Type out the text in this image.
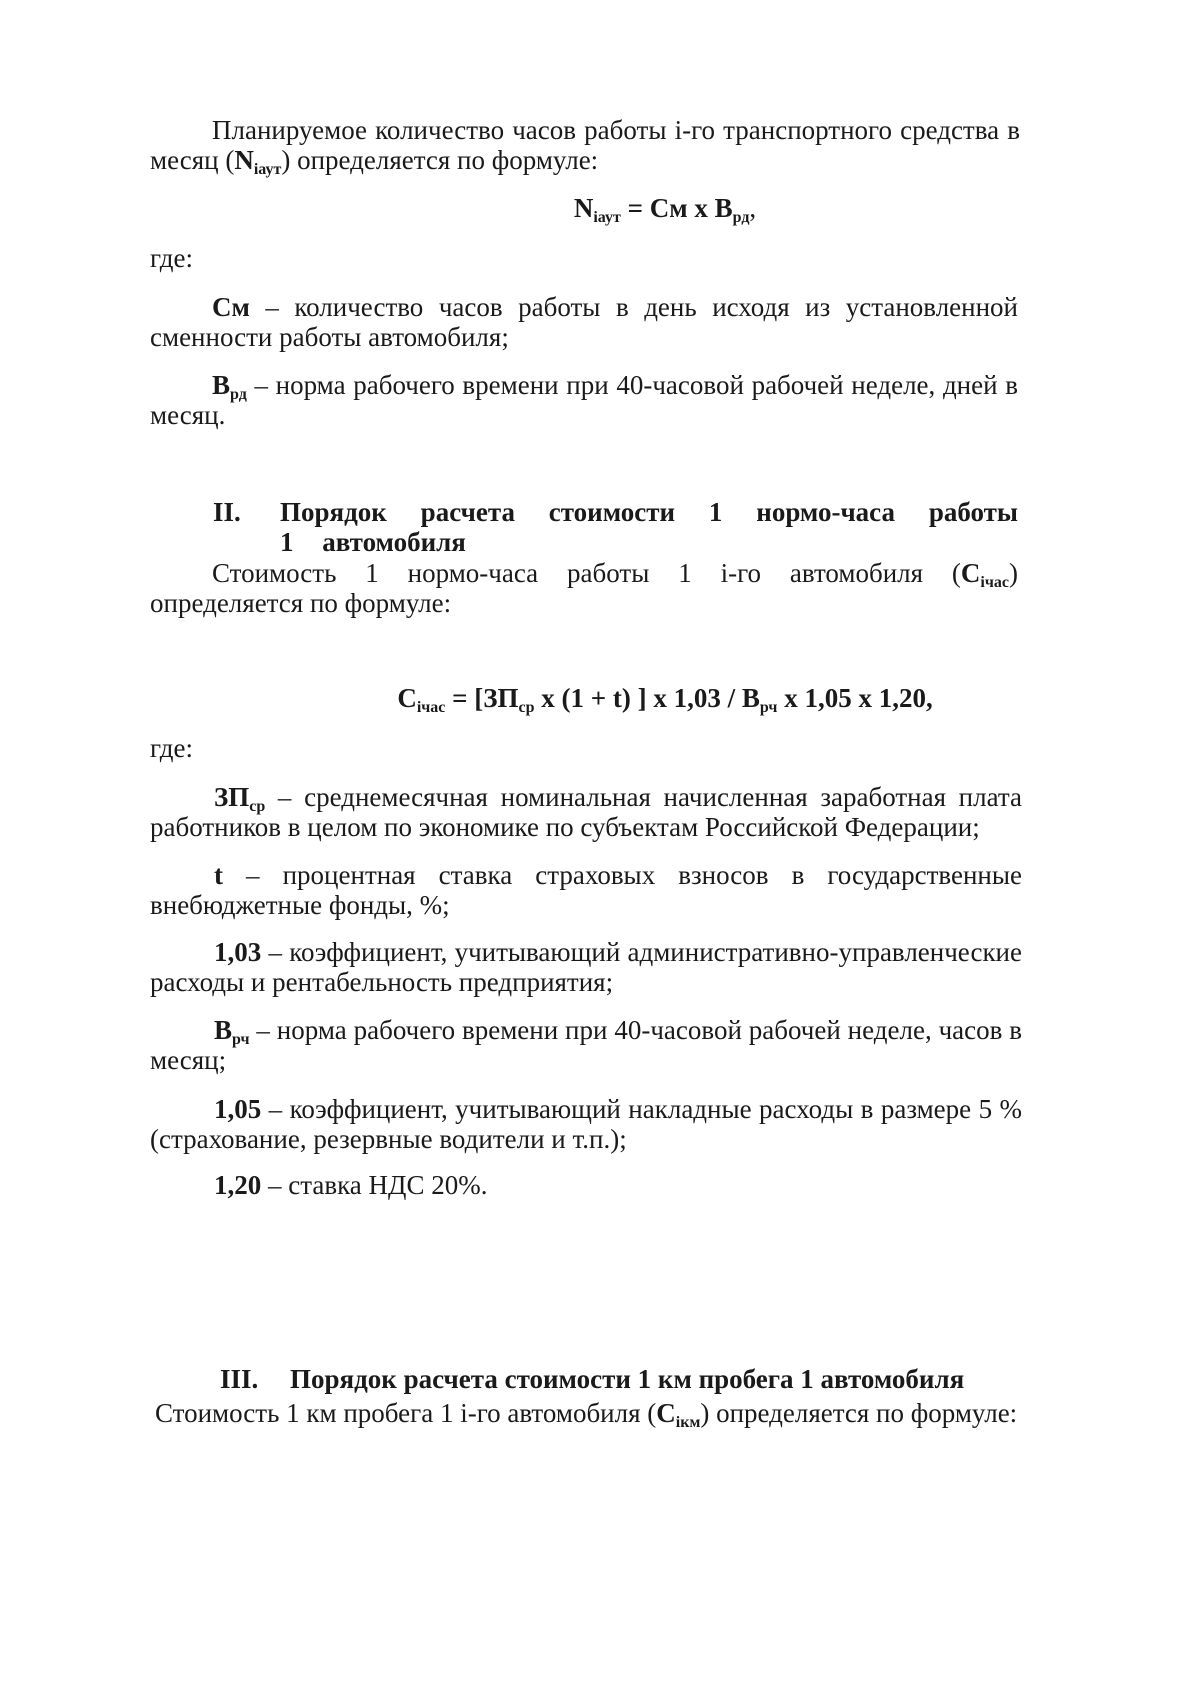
Планируемое количество часов работы i-го транспортного средства в
месяц $(N_{iаут})$ определяется по формуле:
$N_{iаут}$ = См х $В_{рд}$,
где:
См – количество часов работы в день исходя из установленной сменности работы автомобиля;
$В_{рд}$ – норма рабочего времени при 40-часовой рабочей неделе, дней в месяц.
II. Порядок расчета стоимости 1 нормо-часа работы 1 автомобиля
Стоимость 1 нормо-часа работы 1 i-го автомобиля $(С_{iчас})$ определяется по формуле:
$С_{iчас} = [ЗП_{ср}$ х (1 + t) ] х $1,03 / В_{рч}$ х 1,05 х 1,20,
где:
$ЗП_{ср}$ – среднемесячная номинальная начисленная заработная плата работников в целом по экономике по субъектам Российской Федерации;
t – процентная ставка страховых взносов в государственные внебюджетные фонды, %;
1,03 – коэффициент, учитывающий административно-управленческие расходы и рентабельность предприятия;
$В_{рч}$ – норма рабочего времени при 40-часовой рабочей неделе, часов в месяц;
1,05 – коэффициент, учитывающий накладные расходы в размере 5 % (страхование, резервные водители и т.п.);
1,20 – ставка НДС 20%.
III. Порядок расчета стоимости 1 км пробега 1 автомобиля
Стоимость 1 км пробега 1 i-го автомобиля $(С_{iкм})$ определяется по формуле:
